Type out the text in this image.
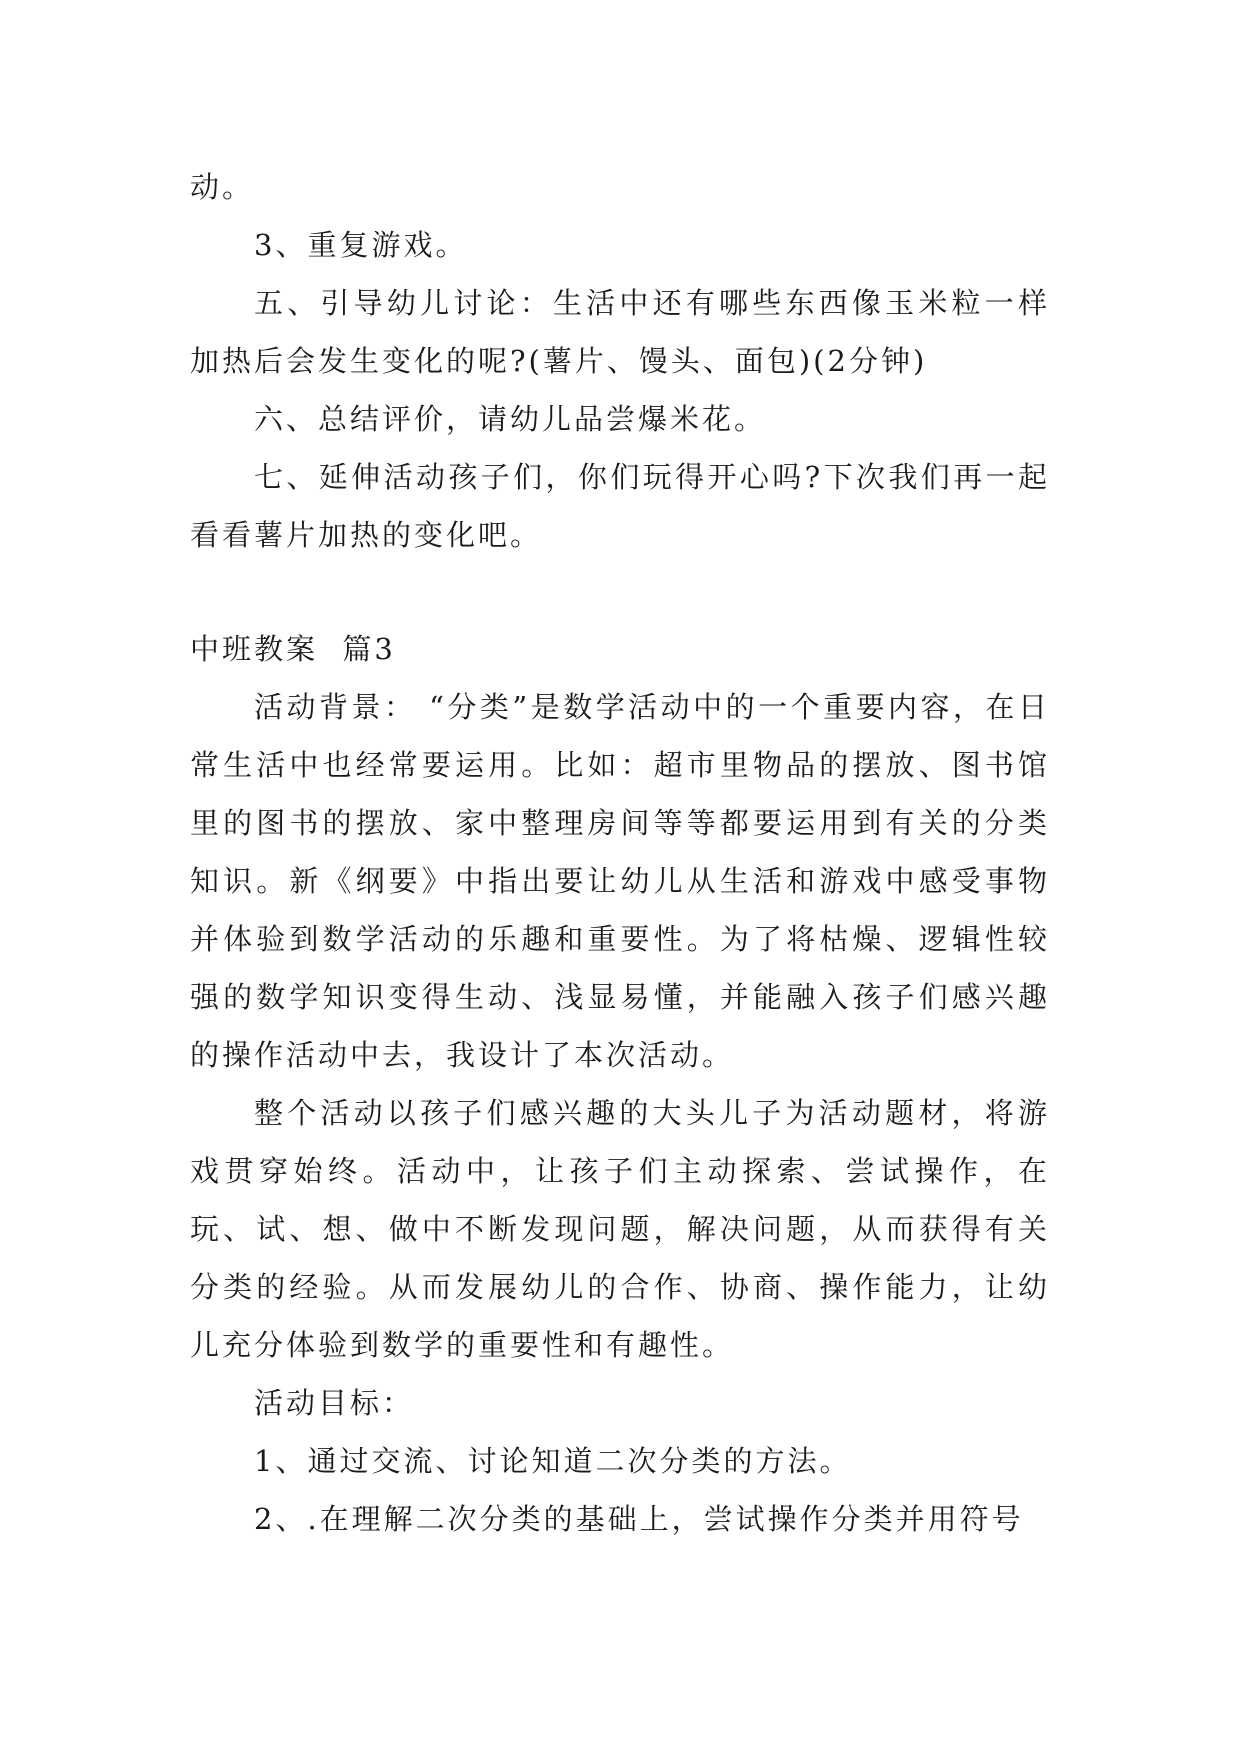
动。

3、重复游戏。

五、引导幼儿讨论：生活中还有哪些东西像玉米粒一样加热后会发生变化的呢?(薯片、馒头、面包)(2分钟)

六、总结评价，请幼儿品尝爆米花。

七、延伸活动孩子们，你们玩得开心吗?下次我们再一起看看薯片加热的变化吧。

中班教案  篇3

活动背景： “分类”是数学活动中的一个重要内容，在日常生活中也经常要运用。比如：超市里物品的摆放、图书馆里的图书的摆放、家中整理房间等等都要运用到有关的分类知识。新《纲要》中指出要让幼儿从生活和游戏中感受事物并体验到数学活动的乐趣和重要性。为了将枯燥、逻辑性较强的数学知识变得生动、浅显易懂，并能融入孩子们感兴趣的操作活动中去，我设计了本次活动。

整个活动以孩子们感兴趣的大头儿子为活动题材，将游戏贯穿始终。活动中，让孩子们主动探索、尝试操作，在玩、试、想、做中不断发现问题，解决问题，从而获得有关分类的经验。从而发展幼儿的合作、协商、操作能力，让幼儿充分体验到数学的重要性和有趣性。

活动目标：

1、通过交流、讨论知道二次分类的方法。

2、.在理解二次分类的基础上，尝试操作分类并用符号
